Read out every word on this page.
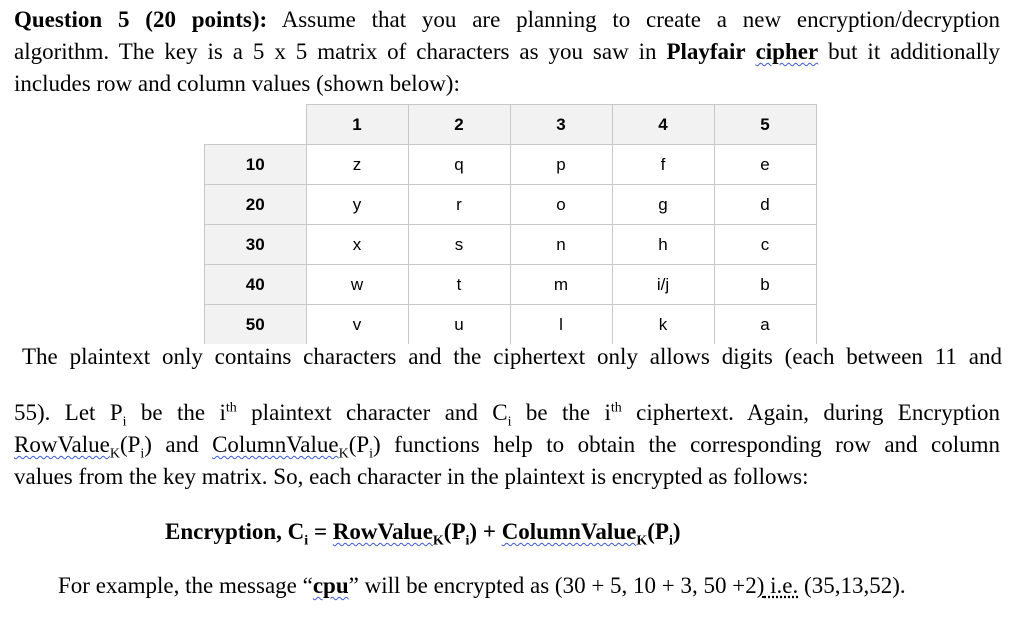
Question 5 (20 points): Assume that you are planning to create a new encryption/decryption
algorithm. The key is a 5 x 5 matrix of characters as you saw in Playfair cipher but it additionally
includes row and column values (shown below):
	1	2	3	4	5
10	z	q	p	f	e
20	y	r	o	g	d
30	x	s	n	h	c
40	w	t	m	i/j	b
50	v	u	l	k	a
The plaintext only contains characters and the ciphertext only allows digits (each between 11 and
55). Let $P_i$ be the $i^{th}$ plaintext character and $C_i$ be the $i^{th}$ ciphertext. Again, during Encryption
$RowValue_K(P_i)$ and $ColumnValue_K(P_i)$ functions help to obtain the corresponding row and column
values from the key matrix. So, each character in the plaintext is encrypted as follows:
Encryption, $C_i$ = $RowValue_K(P_i)$ + $ColumnValue_K(P_i)$
For example, the message “cpu” will be encrypted as (30 + 5, 10 + 3, 50 +2) i.e. (35,13,52).
